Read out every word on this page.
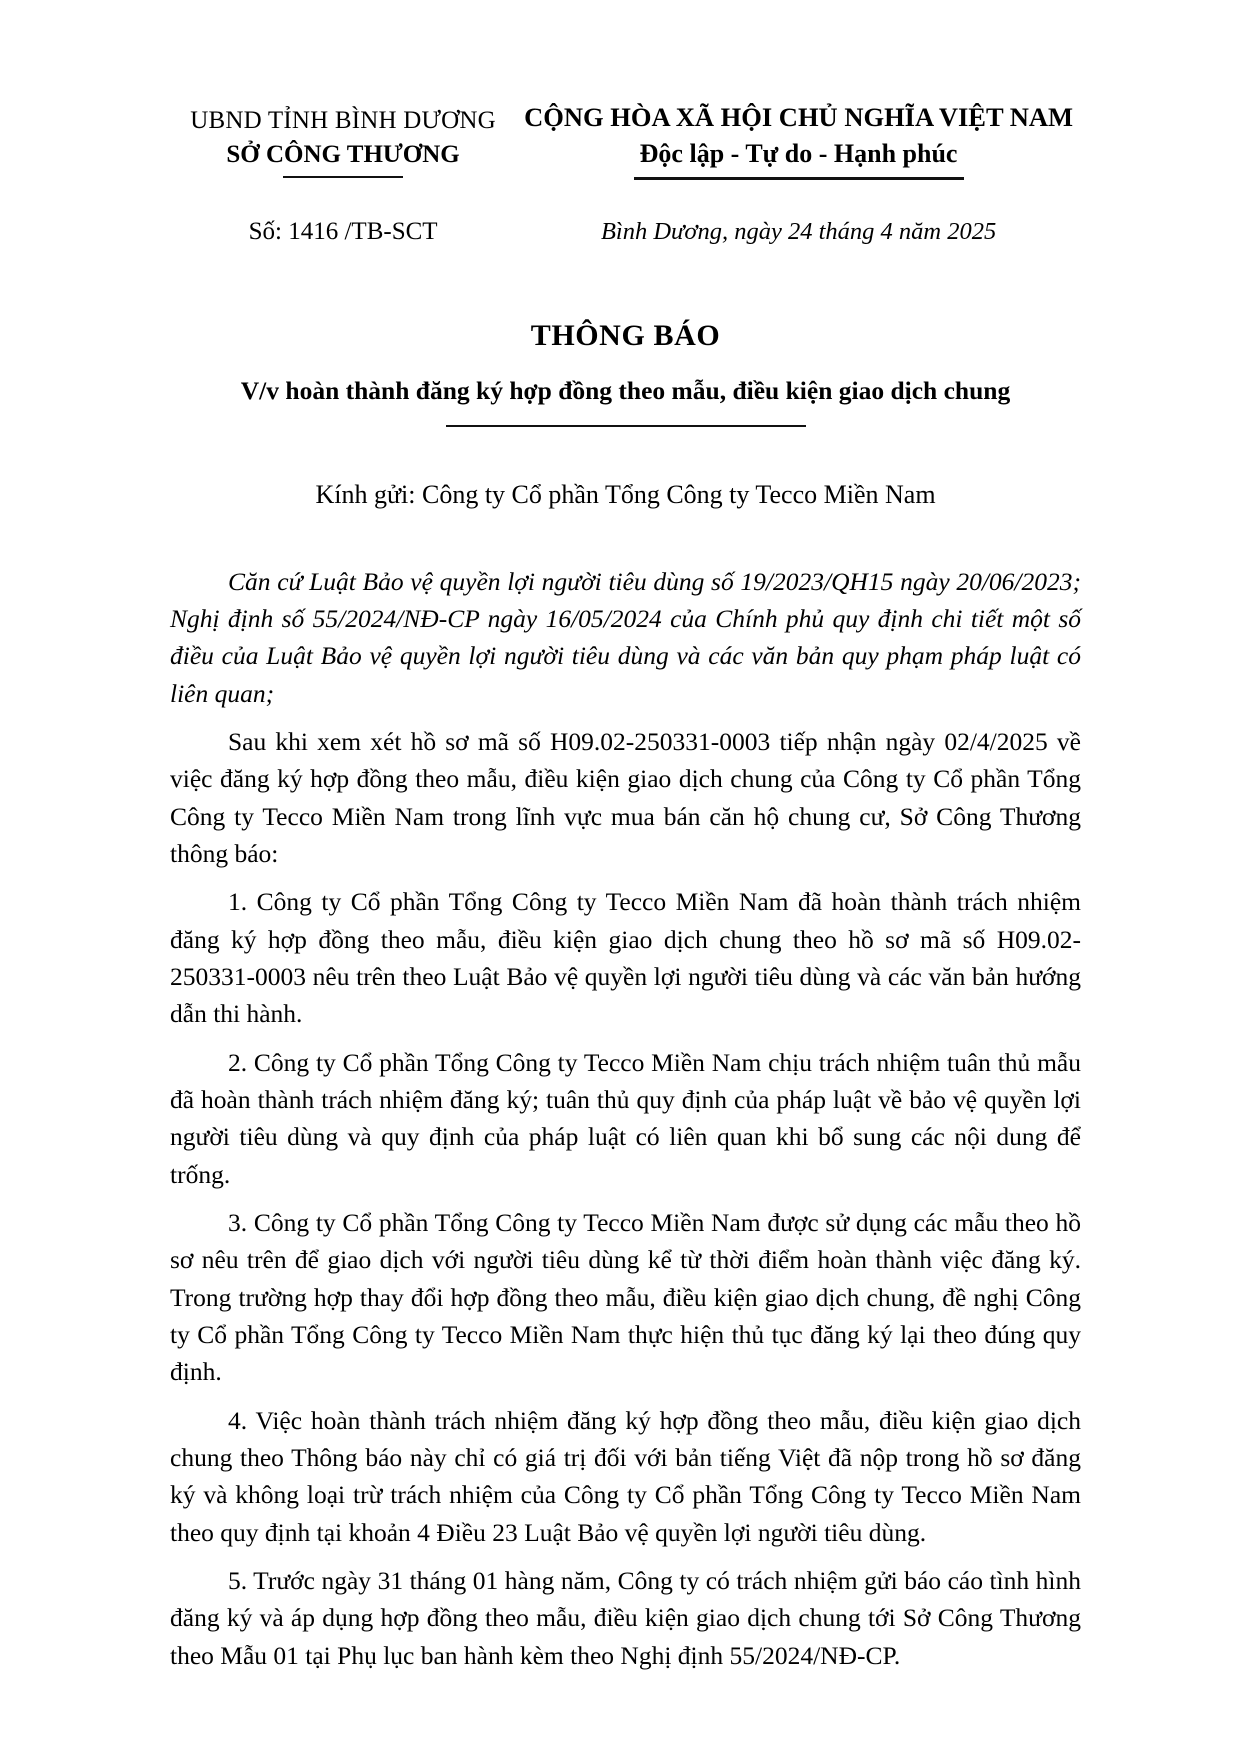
UBND TỈNH BÌNH DƯƠNG
SỞ CÔNG THƯƠNG
CỘNG HÒA XÃ HỘI CHỦ NGHĨA VIỆT NAM
Độc lập - Tự do - Hạnh phúc
Số: 1416 /TB-SCT	Bình Dương, ngày 24 tháng 4 năm 2025
THÔNG BÁO
V/v hoàn thành đăng ký hợp đồng theo mẫu, điều kiện giao dịch chung
Kính gửi: Công ty Cổ phần Tổng Công ty Tecco Miền Nam

Căn cứ Luật Bảo vệ quyền lợi người tiêu dùng số 19/2023/QH15 ngày 20/06/2023; Nghị định số 55/2024/NĐ-CP ngày 16/05/2024 của Chính phủ quy định chi tiết một số điều của Luật Bảo vệ quyền lợi người tiêu dùng và các văn bản quy phạm pháp luật có liên quan;

Sau khi xem xét hồ sơ mã số H09.02-250331-0003 tiếp nhận ngày 02/4/2025 về việc đăng ký hợp đồng theo mẫu, điều kiện giao dịch chung của Công ty Cổ phần Tổng Công ty Tecco Miền Nam trong lĩnh vực mua bán căn hộ chung cư, Sở Công Thương thông báo:

1. Công ty Cổ phần Tổng Công ty Tecco Miền Nam đã hoàn thành trách nhiệm đăng ký hợp đồng theo mẫu, điều kiện giao dịch chung theo hồ sơ mã số H09.02-250331-0003 nêu trên theo Luật Bảo vệ quyền lợi người tiêu dùng và các văn bản hướng dẫn thi hành.

2. Công ty Cổ phần Tổng Công ty Tecco Miền Nam chịu trách nhiệm tuân thủ mẫu đã hoàn thành trách nhiệm đăng ký; tuân thủ quy định của pháp luật về bảo vệ quyền lợi người tiêu dùng và quy định của pháp luật có liên quan khi bổ sung các nội dung để trống.

3. Công ty Cổ phần Tổng Công ty Tecco Miền Nam được sử dụng các mẫu theo hồ sơ nêu trên để giao dịch với người tiêu dùng kể từ thời điểm hoàn thành việc đăng ký. Trong trường hợp thay đổi hợp đồng theo mẫu, điều kiện giao dịch chung, đề nghị Công ty Cổ phần Tổng Công ty Tecco Miền Nam thực hiện thủ tục đăng ký lại theo đúng quy định.

4. Việc hoàn thành trách nhiệm đăng ký hợp đồng theo mẫu, điều kiện giao dịch chung theo Thông báo này chỉ có giá trị đối với bản tiếng Việt đã nộp trong hồ sơ đăng ký và không loại trừ trách nhiệm của Công ty Cổ phần Tổng Công ty Tecco Miền Nam theo quy định tại khoản 4 Điều 23 Luật Bảo vệ quyền lợi người tiêu dùng.

5. Trước ngày 31 tháng 01 hàng năm, Công ty có trách nhiệm gửi báo cáo tình hình đăng ký và áp dụng hợp đồng theo mẫu, điều kiện giao dịch chung tới Sở Công Thương theo Mẫu 01 tại Phụ lục ban hành kèm theo Nghị định 55/2024/NĐ-CP.
